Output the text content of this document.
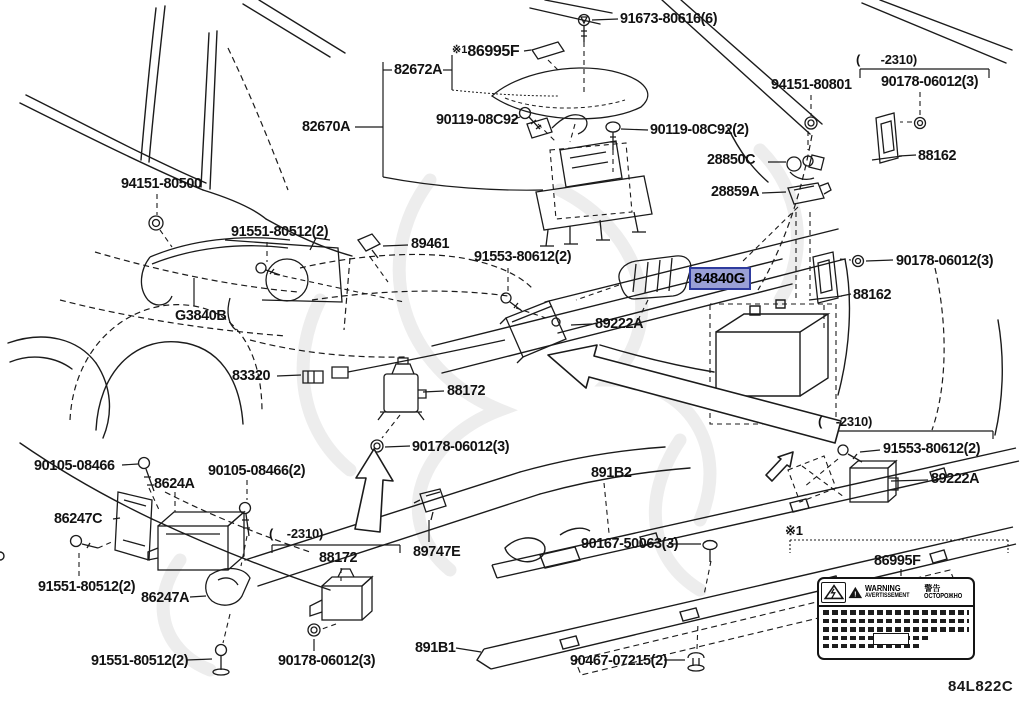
91673-80616(6)
82672A
82670A	90119-08C92
90119-08C92(2)
94151-80801 90178-06012(3)
88162
28850C
28859A
94151-80500
91551-80512(2)
89461
91553-80612(2)	90178-06012(3)
88162
G3840B	89222A
83320
88172
90178-06012(3)
90105-08466	90105-08466(2)
8624A
86247C
91551-80512(2)
86247A
88172	89747E
891B2
90167-50063(3)
91553-80612(2)
89222A
91551-80512(2)	90178-06012(3)
891B1
90467-07215(2)
86995F
84840G
(      -2310)
(    -2310)
(    -2310)
※1
※186995F
!
WARNING
AVERTISSEMENT
警告
ОСТОРОЖНО
84L822C
